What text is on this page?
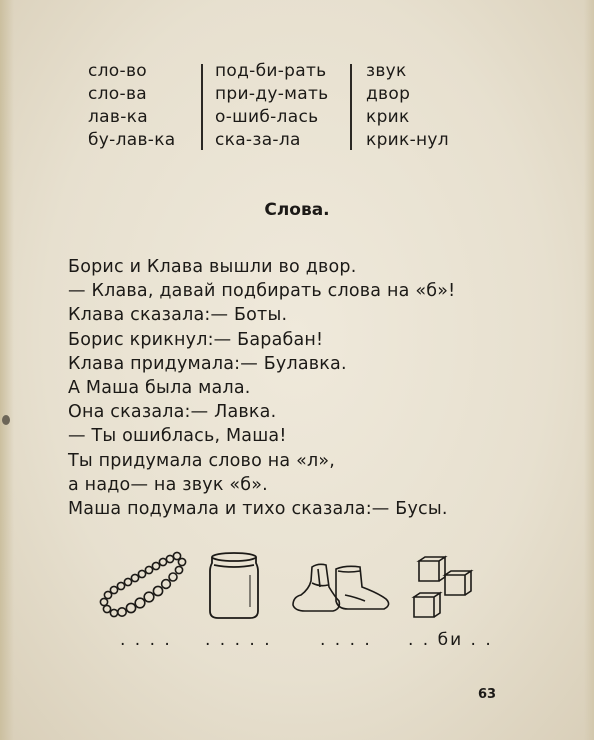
сло-во
сло-ва
лав-ка
бу-лав-ка
под-би-рать
при-ду-мать
о-шиб-лась
ска-за-ла
звук
двор
крик
крик-нул
Слова.
Борис и Клава вышли во двор.
— Клава, давай подбирать слова на «б»!
Клава сказала:— Боты.
Борис крикнул:— Барабан!
Клава придумала:— Булавка.
А Маша была мала.
Она сказала:— Лавка.
— Ты ошиблась, Маша!
Ты придумала слово на «л»,
а надо— на звук «б».
Маша подумала и тихо сказала:— Бусы.
. . . . . . . . .	. . . . . . би . .
63
